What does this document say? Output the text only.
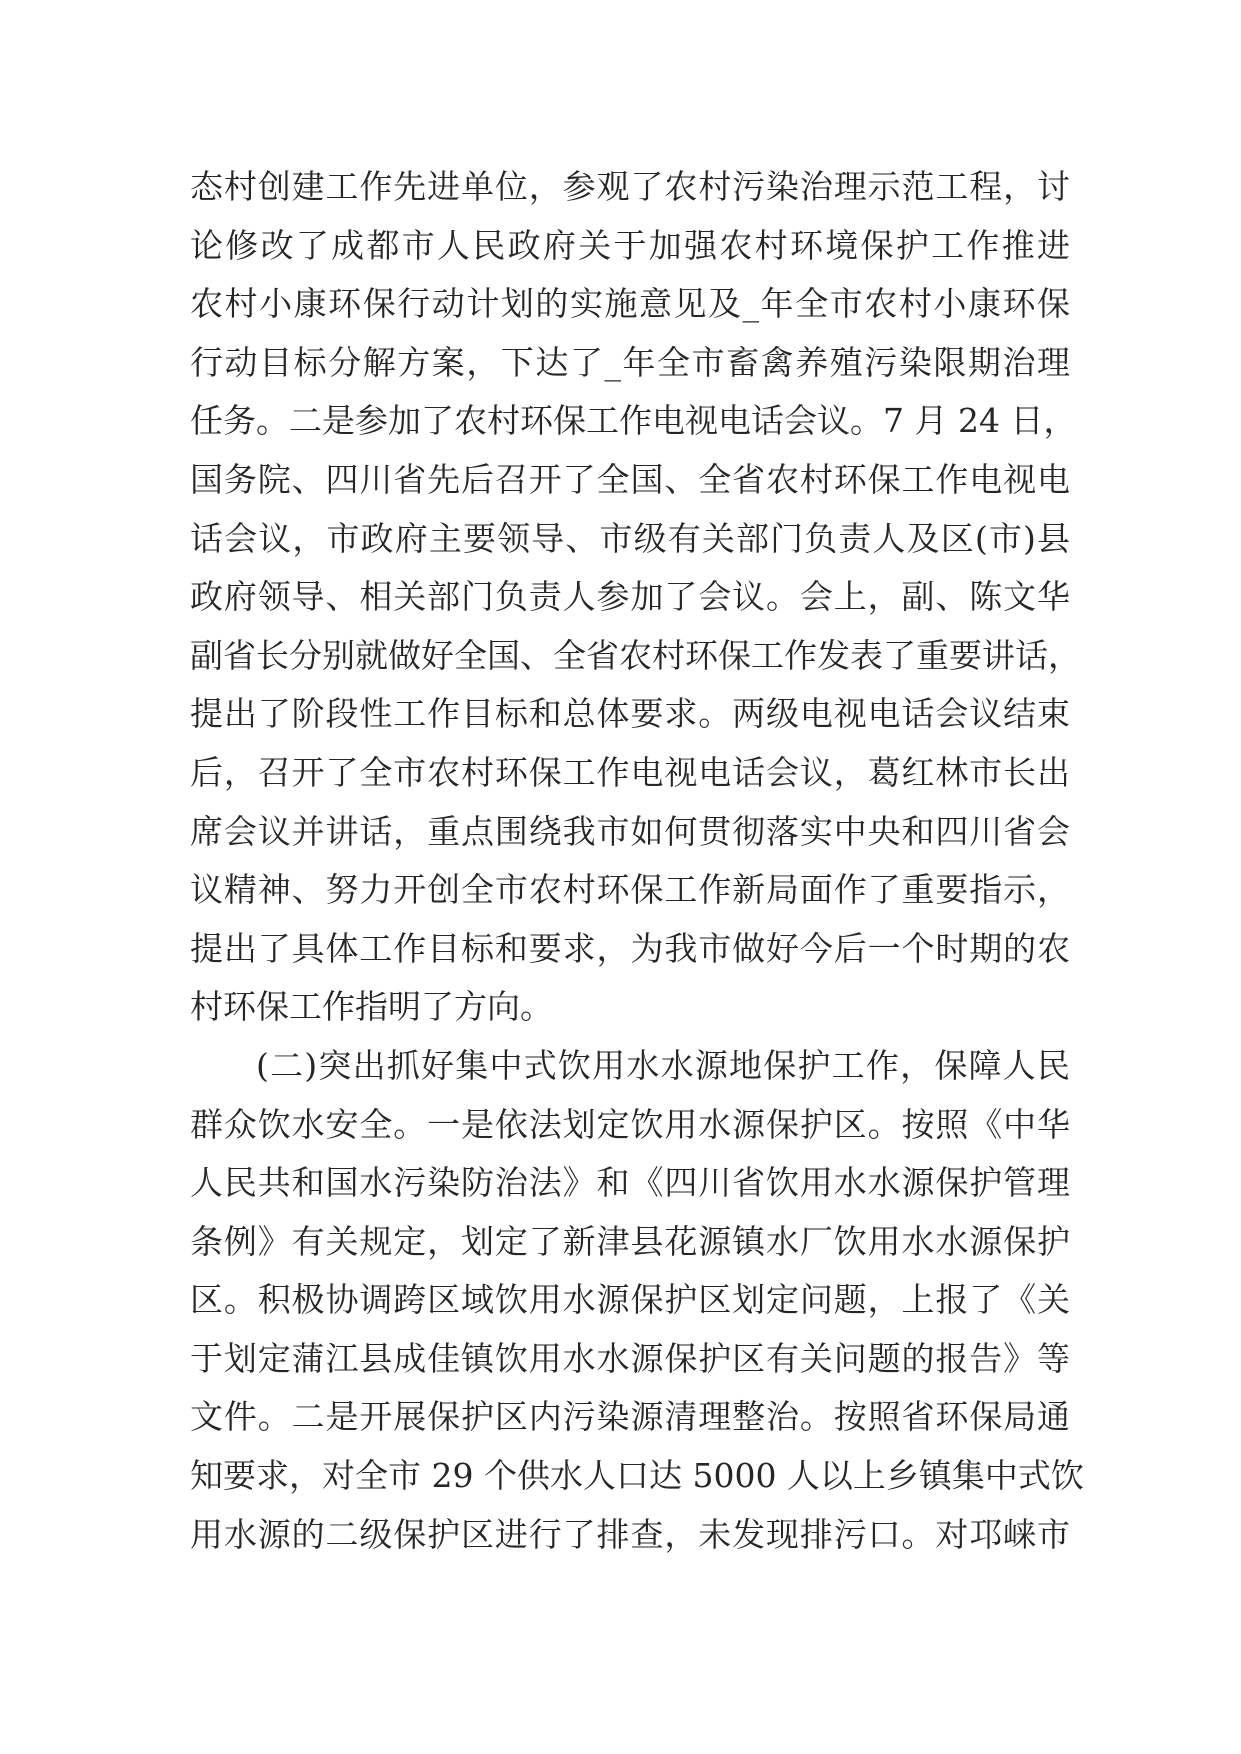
态村创建工作先进单位，参观了农村污染治理示范工程，讨
论修改了成都市人民政府关于加强农村环境保护工作推进
农村小康环保行动计划的实施意见及_年全市农村小康环保
行动目标分解方案，下达了_年全市畜禽养殖污染限期治理
任务。二是参加了农村环保工作电视电话会议。7 月 24 日，
国务院、四川省先后召开了全国、全省农村环保工作电视电
话会议，市政府主要领导、市级有关部门负责人及区(市)县
政府领导、相关部门负责人参加了会议。会上，副、陈文华
副省长分别就做好全国、全省农村环保工作发表了重要讲话，
提出了阶段性工作目标和总体要求。两级电视电话会议结束
后，召开了全市农村环保工作电视电话会议，葛红林市长出
席会议并讲话，重点围绕我市如何贯彻落实中央和四川省会
议精神、努力开创全市农村环保工作新局面作了重要指示，
提出了具体工作目标和要求，为我市做好今后一个时期的农
村环保工作指明了方向。
(二)突出抓好集中式饮用水水源地保护工作，保障人民
群众饮水安全。一是依法划定饮用水源保护区。按照《中华
人民共和国水污染防治法》和《四川省饮用水水源保护管理
条例》有关规定，划定了新津县花源镇水厂饮用水水源保护
区。积极协调跨区域饮用水源保护区划定问题，上报了《关
于划定蒲江县成佳镇饮用水水源保护区有关问题的报告》等
文件。二是开展保护区内污染源清理整治。按照省环保局通
知要求，对全市 29 个供水人口达 5000 人以上乡镇集中式饮
用水源的二级保护区进行了排查，未发现排污口。对邛崃市
